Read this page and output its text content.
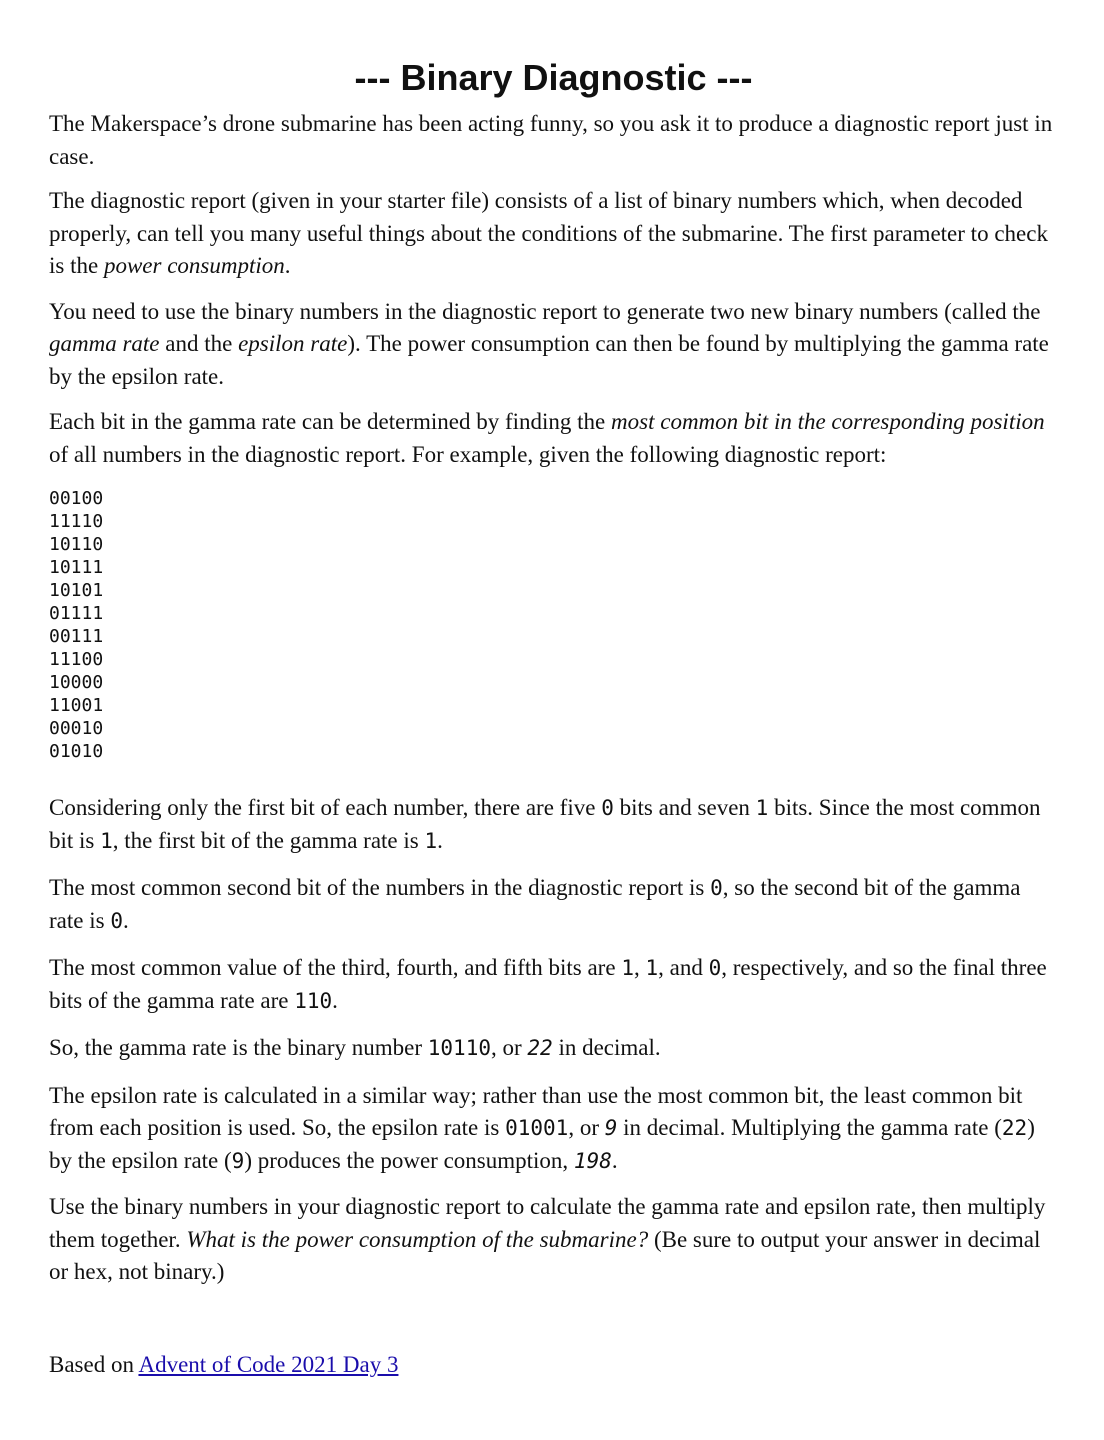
--- Binary Diagnostic ---

The Makerspace’s drone submarine has been acting funny, so you ask it to produce a diagnostic report just in case.

The diagnostic report (given in your starter file) consists of a list of binary numbers which, when decoded properly, can tell you many useful things about the conditions of the submarine. The first parameter to check is the power consumption.

You need to use the binary numbers in the diagnostic report to generate two new binary numbers (called the gamma rate and the epsilon rate). The power consumption can then be found by multiplying the gamma rate by the epsilon rate.

Each bit in the gamma rate can be determined by finding the most common bit in the corresponding position of all numbers in the diagnostic report. For example, given the following diagnostic report:

00100
11110
10110
10111
10101
01111
00111
11100
10000
11001
00010
01010

Considering only the first bit of each number, there are five 0 bits and seven 1 bits. Since the most common bit is 1, the first bit of the gamma rate is 1.

The most common second bit of the numbers in the diagnostic report is 0, so the second bit of the gamma rate is 0.

The most common value of the third, fourth, and fifth bits are 1, 1, and 0, respectively, and so the final three bits of the gamma rate are 110.

So, the gamma rate is the binary number 10110, or 22 in decimal.

The epsilon rate is calculated in a similar way; rather than use the most common bit, the least common bit from each position is used. So, the epsilon rate is 01001, or 9 in decimal. Multiplying the gamma rate (22) by the epsilon rate (9) produces the power consumption, 198.

Use the binary numbers in your diagnostic report to calculate the gamma rate and epsilon rate, then multiply them together. What is the power consumption of the submarine? (Be sure to output your answer in decimal or hex, not binary.)

Based on Advent of Code 2021 Day 3
